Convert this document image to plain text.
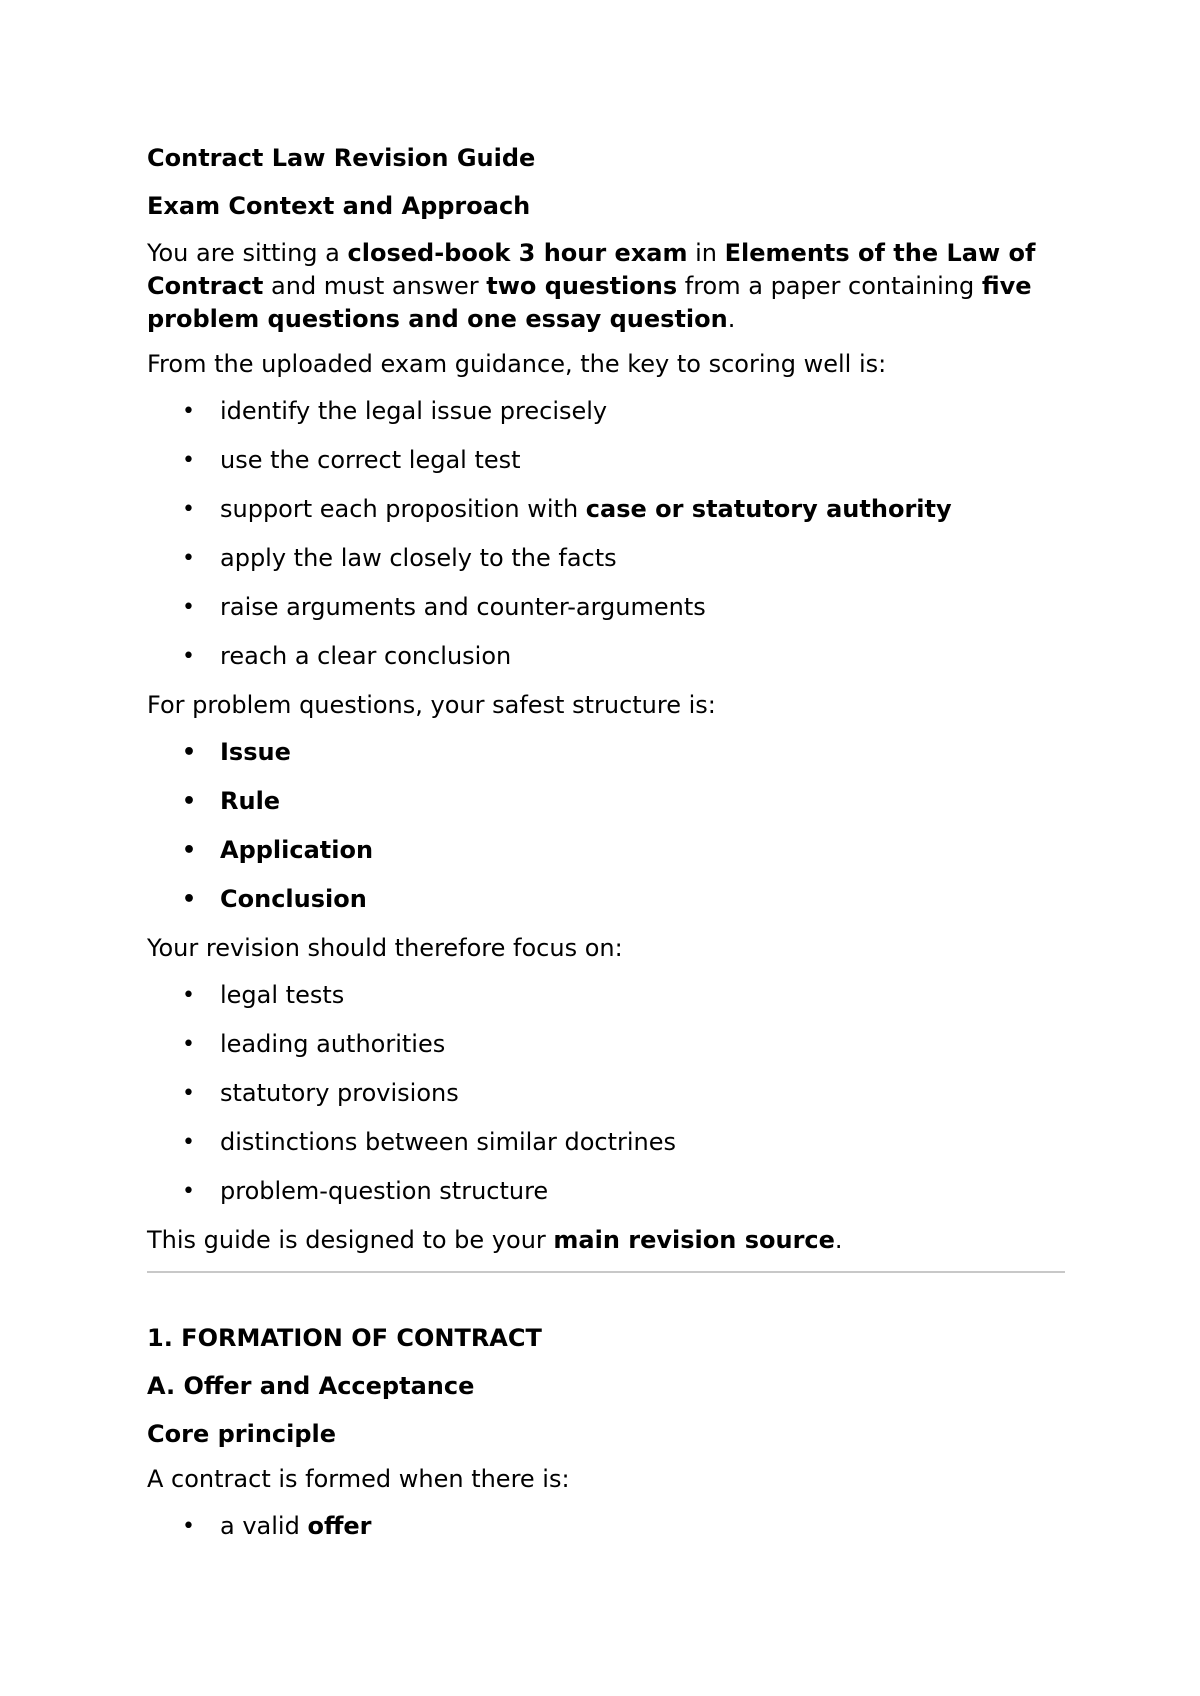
Contract Law Revision Guide
Exam Context and Approach

You are sitting a closed-book 3 hour exam in Elements of the Law of Contract and must answer two questions from a paper containing five problem questions and one essay question.

From the uploaded exam guidance, the key to scoring well is:

• identify the legal issue precisely
• use the correct legal test
• support each proposition with case or statutory authority
• apply the law closely to the facts
• raise arguments and counter-arguments
• reach a clear conclusion

For problem questions, your safest structure is:

• Issue
• Rule
• Application
• Conclusion

Your revision should therefore focus on:

• legal tests
• leading authorities
• statutory provisions
• distinctions between similar doctrines
• problem-question structure

This guide is designed to be your main revision source.

1. FORMATION OF CONTRACT
A. Offer and Acceptance
Core principle

A contract is formed when there is:

• a valid offer
